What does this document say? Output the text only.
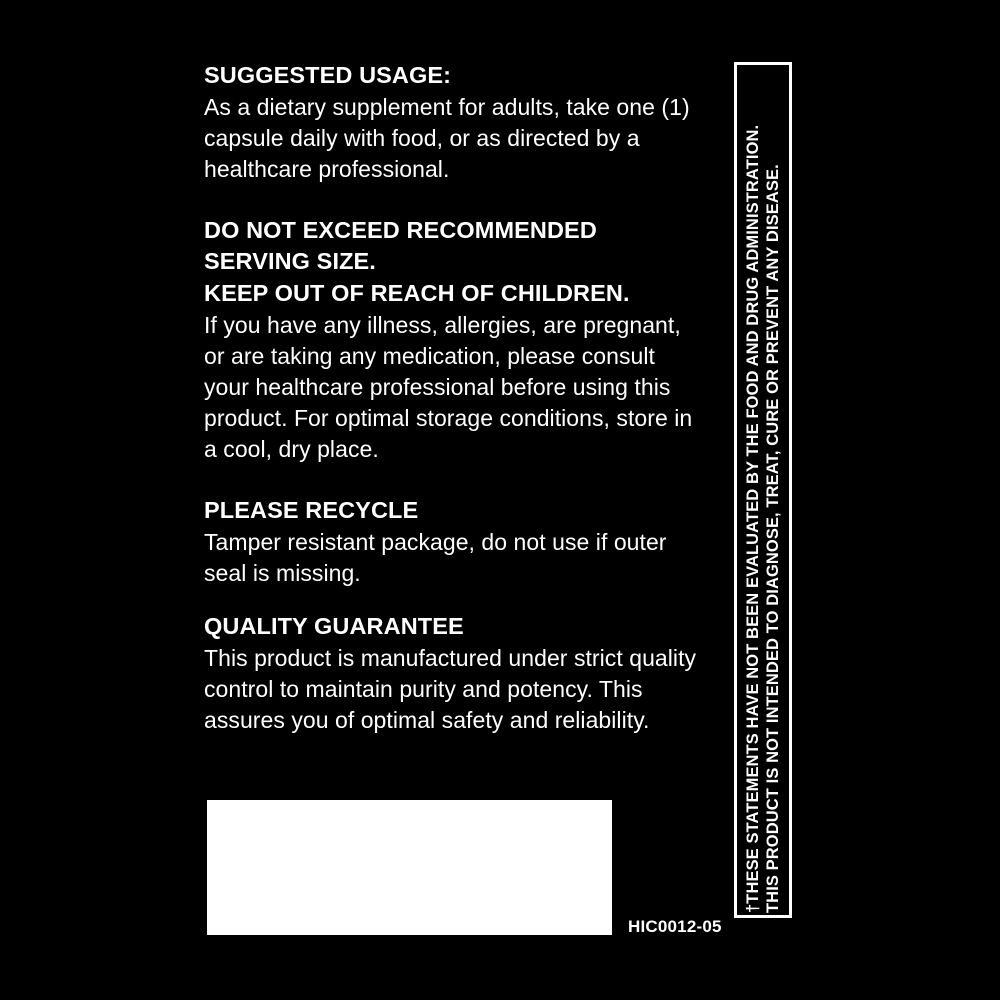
SUGGESTED USAGE:

As a dietary supplement for adults, take one (1) capsule daily with food, or as directed by a healthcare professional.

DO NOT EXCEED RECOMMENDED SERVING SIZE.

KEEP OUT OF REACH OF CHILDREN.

If you have any illness, allergies, are pregnant, or are taking any medication, please consult your healthcare professional before using this product. For optimal storage conditions, store in a cool, dry place.

PLEASE RECYCLE

Tamper resistant package, do not use if outer seal is missing.

QUALITY GUARANTEE

This product is manufactured under strict quality control to maintain purity and potency. This assures you of optimal safety and reliability.	†THESE STATEMENTS HAVE NOT BEEN EVALUATED BY THE FOOD AND DRUG ADMINISTRATION. THIS PRODUCT IS NOT INTENDED TO DIAGNOSE, TREAT, CURE OR PREVENT ANY DISEASE.
HIC0012-05
